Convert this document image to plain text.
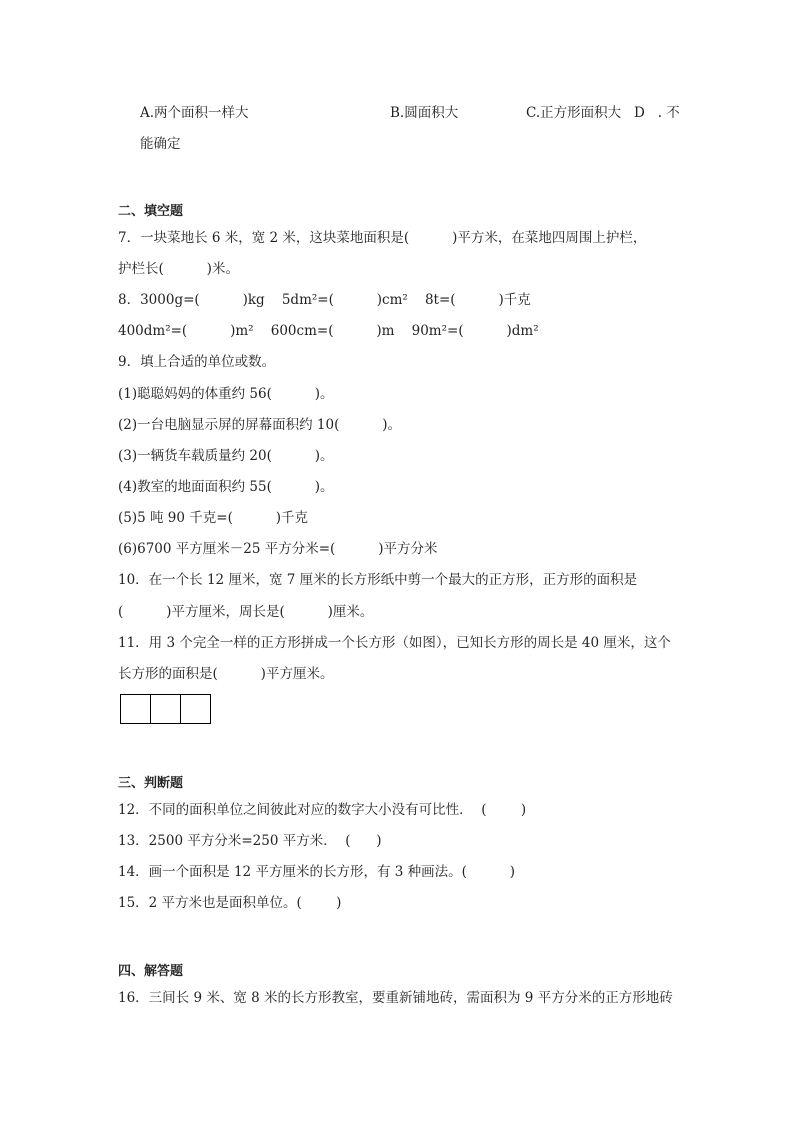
A.两个面积一样大	B.圆面积大	C.正方形面积大   D   . 不
能确定
二、填空题
7．一块菜地长 6 米，宽 2 米，这块菜地面积是(          )平方米，在菜地四周围上护栏，
护栏长(          )米。
8．3000g=(          )kg    5dm²=(          )cm²    8t=(          )千克
400dm²=(          )m²    600cm=(          )m    90m²=(          )dm²
9．填上合适的单位或数。
(1)聪聪妈妈的体重约 56(          )。
(2)一台电脑显示屏的屏幕面积约 10(          )。
(3)一辆货车载质量约 20(          )。
(4)教室的地面面积约 55(          )。
(5)5 吨 90 千克=(          )千克
(6)6700 平方厘米－25 平方分米=(          )平方分米
10．在一个长 12 厘米，宽 7 厘米的长方形纸中剪一个最大的正方形，正方形的面积是
(          )平方厘米，周长是(          )厘米。
11．用 3 个完全一样的正方形拼成一个长方形（如图），已知长方形的周长是 40 厘米，这个
长方形的面积是(          )平方厘米。
三、判断题
12．不同的面积单位之间彼此对应的数字大小没有可比性．  (        )
13．2500 平方分米=250 平方米．  (      )
14．画一个面积是 12 平方厘米的长方形，有 3 种画法。(          )
15．2 平方米也是面积单位。(        )
四、解答题
16．三间长 9 米、宽 8 米的长方形教室，要重新铺地砖，需面积为 9 平方分米的正方形地砖
